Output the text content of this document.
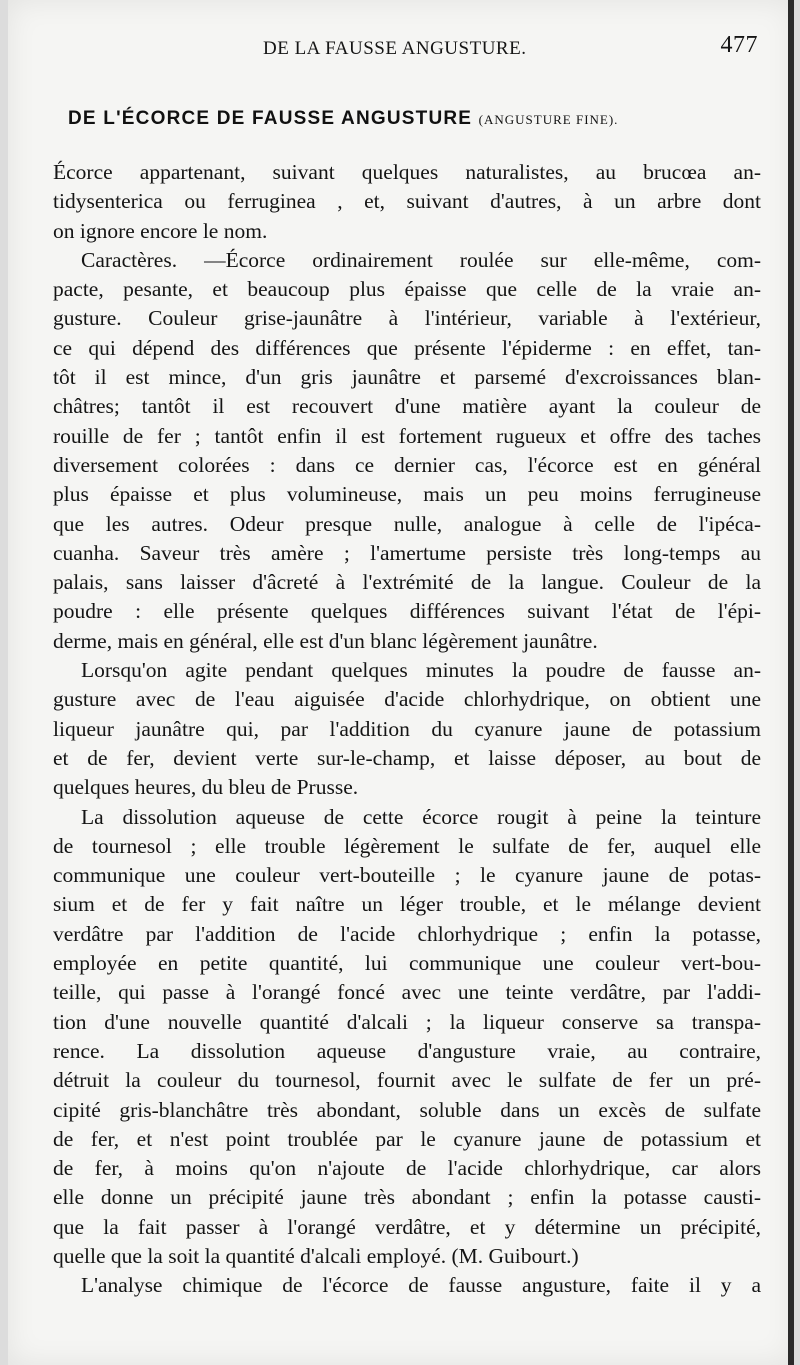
DE LA FAUSSE ANGUSTURE.	477
DE L'ÉCORCE DE FAUSSE ANGUSTURE (ANGUSTURE FINE).
Écorce appartenant, suivant quelques naturalistes, au brucœa an-
tidysenterica ou ferruginea , et, suivant d'autres, à un arbre dont
on ignore encore le nom.
Caractères. —Écorce ordinairement roulée sur elle-même, com-
pacte, pesante, et beaucoup plus épaisse que celle de la vraie an-
gusture. Couleur grise-jaunâtre à l'intérieur, variable à l'extérieur,
ce qui dépend des différences que présente l'épiderme : en effet, tan-
tôt il est mince, d'un gris jaunâtre et parsemé d'excroissances blan-
châtres; tantôt il est recouvert d'une matière ayant la couleur de
rouille de fer ; tantôt enfin il est fortement rugueux et offre des taches
diversement colorées : dans ce dernier cas, l'écorce est en général
plus épaisse et plus volumineuse, mais un peu moins ferrugineuse
que les autres. Odeur presque nulle, analogue à celle de l'ipéca-
cuanha. Saveur très amère ; l'amertume persiste très long-temps au
palais, sans laisser d'âcreté à l'extrémité de la langue. Couleur de la
poudre : elle présente quelques différences suivant l'état de l'épi-
derme, mais en général, elle est d'un blanc légèrement jaunâtre.
Lorsqu'on agite pendant quelques minutes la poudre de fausse an-
gusture avec de l'eau aiguisée d'acide chlorhydrique, on obtient une
liqueur jaunâtre qui, par l'addition du cyanure jaune de potassium
et de fer, devient verte sur-le-champ, et laisse déposer, au bout de
quelques heures, du bleu de Prusse.
La dissolution aqueuse de cette écorce rougit à peine la teinture
de tournesol ; elle trouble légèrement le sulfate de fer, auquel elle
communique une couleur vert-bouteille ; le cyanure jaune de potas-
sium et de fer y fait naître un léger trouble, et le mélange devient
verdâtre par l'addition de l'acide chlorhydrique ; enfin la potasse,
employée en petite quantité, lui communique une couleur vert-bou-
teille, qui passe à l'orangé foncé avec une teinte verdâtre, par l'addi-
tion d'une nouvelle quantité d'alcali ; la liqueur conserve sa transpa-
rence. La dissolution aqueuse d'angusture vraie, au contraire,
détruit la couleur du tournesol, fournit avec le sulfate de fer un pré-
cipité gris-blanchâtre très abondant, soluble dans un excès de sulfate
de fer, et n'est point troublée par le cyanure jaune de potassium et
de fer, à moins qu'on n'ajoute de l'acide chlorhydrique, car alors
elle donne un précipité jaune très abondant ; enfin la potasse causti-
que la fait passer à l'orangé verdâtre, et y détermine un précipité,
quelle que la soit la quantité d'alcali employé. (M. Guibourt.)
L'analyse chimique de l'écorce de fausse angusture, faite il y a
